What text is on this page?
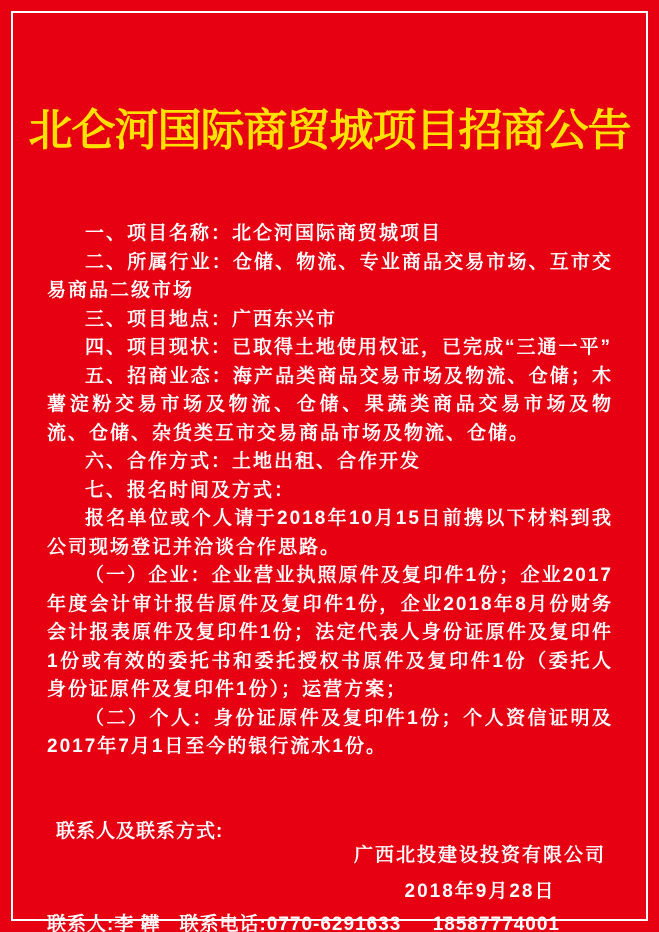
北仑河国际商贸城项目招商公告

一、项目名称：北仑河国际商贸城项目

二、所属行业：仓储、物流、专业商品交易市场、互市交易商品二级市场

三、项目地点：广西东兴市

四、项目现状：已取得土地使用权证，已完成“三通一平”

五、招商业态：海产品类商品交易市场及物流、仓储；木薯淀粉交易市场及物流、仓储、果蔬类商品交易市场及物流、仓储、杂货类互市交易商品市场及物流、仓储。

六、合作方式：土地出租、合作开发

七、报名时间及方式：

报名单位或个人请于2018年10月15日前携以下材料到我公司现场登记并洽谈合作思路。

（一）企业：企业营业执照原件及复印件1份；企业2017年度会计审计报告原件及复印件1份，企业2018年8月份财务会计报表原件及复印件1份；法定代表人身份证原件及复印件1份或有效的委托书和委托授权书原件及复印件1份（委托人身份证原件及复印件1份）；运营方案；

（二）个人：身份证原件及复印件1份；个人资信证明及2017年7月1日至今的银行流水1份。

联系人及联系方式:

联系人:李 韡   联系电话:0770-6291633     18587774001

广西北投建设投资有限公司
2018年9月28日
